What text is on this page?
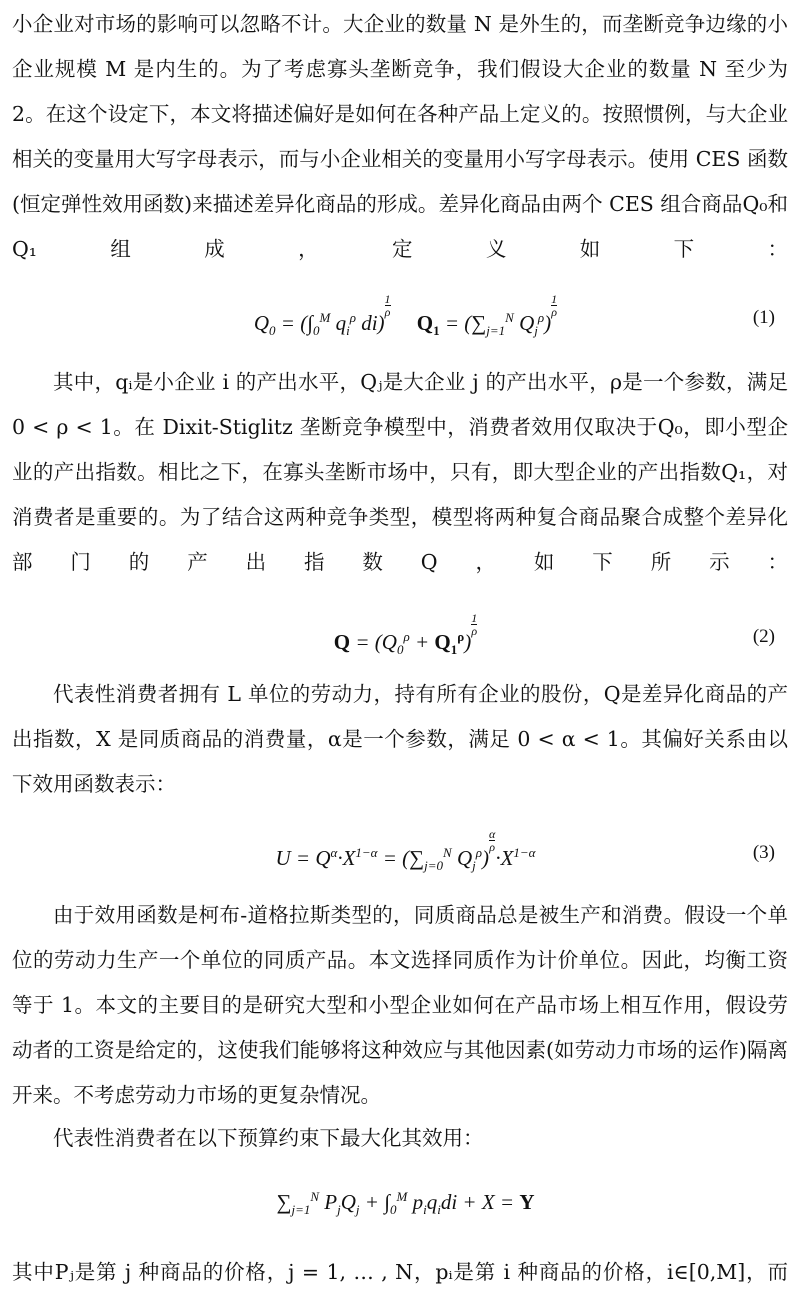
小企业对市场的影响可以忽略不计。大企业的数量 N 是外生的，而垄断竞争边缘的小企业规模 M 是内生的。为了考虑寡头垄断竞争，我们假设大企业的数量 N 至少为 2。在这个设定下，本文将描述偏好是如何在各种产品上定义的。按照惯例，与大企业相关的变量用大写字母表示，而与小企业相关的变量用小写字母表示。使用 CES 函数(恒定弹性效用函数)来描述差异化商品的形成。差异化商品由两个 CES 组合商品Q₀和Q₁组成，定义如下：
$Q_0 = (\int_0^M$ $q_i^\rho$ di)
$\frac{1}{\rho}$
$Q_1 = (\sum_{j=1}^N$ $Q_j^\rho$)
$\frac{1}{\rho}$	(1)
其中，qᵢ是小企业 i 的产出水平，Qⱼ是大企业 j 的产出水平，ρ是一个参数，满足 0 < ρ < 1。在 Dixit-Stiglitz 垄断竞争模型中，消费者效用仅取决于Q₀，即小型企业的产出指数。相比之下，在寡头垄断市场中，只有，即大型企业的产出指数Q₁，对消费者是重要的。为了结合这两种竞争类型，模型将两种复合商品聚合成整个差异化部门的产出指数Q，如下所示：
$Q = (Q_0^\rho + Q_1^\rho)$
$\frac{1}{\rho}$	(2)
代表性消费者拥有 L 单位的劳动力，持有所有企业的股份，Q是差异化商品的产出指数，X 是同质商品的消费量，α是一个参数，满足 0 < α < 1。其偏好关系由以下效用函数表示：
$U = Q^\alpha\cdot X^{1-\alpha} = (\sum_{j=0}^N$ $Q_j^\rho$)
$\frac{\alpha}{\rho}$
$\cdot X^{1-\alpha}$	(3)
由于效用函数是柯布-道格拉斯类型的，同质商品总是被生产和消费。假设一个单位的劳动力生产一个单位的同质产品。本文选择同质作为计价单位。因此，均衡工资等于 1。本文的主要目的是研究大型和小型企业如何在产品市场上相互作用，假设劳动者的工资是给定的，这使我们能够将这种效应与其他因素(如劳动力市场的运作)隔离开来。不考虑劳动力市场的更复杂情况。
代表性消费者在以下预算约束下最大化其效用：
$\sum_{j=1}^N$ $P_jQ_j + \int_0^M$ $p_iq_idi + X = Y$
其中Pⱼ是第 j 种商品的价格，j = 1, … , N，pᵢ是第 i 种商品的价格，i∈[0,M]，而
